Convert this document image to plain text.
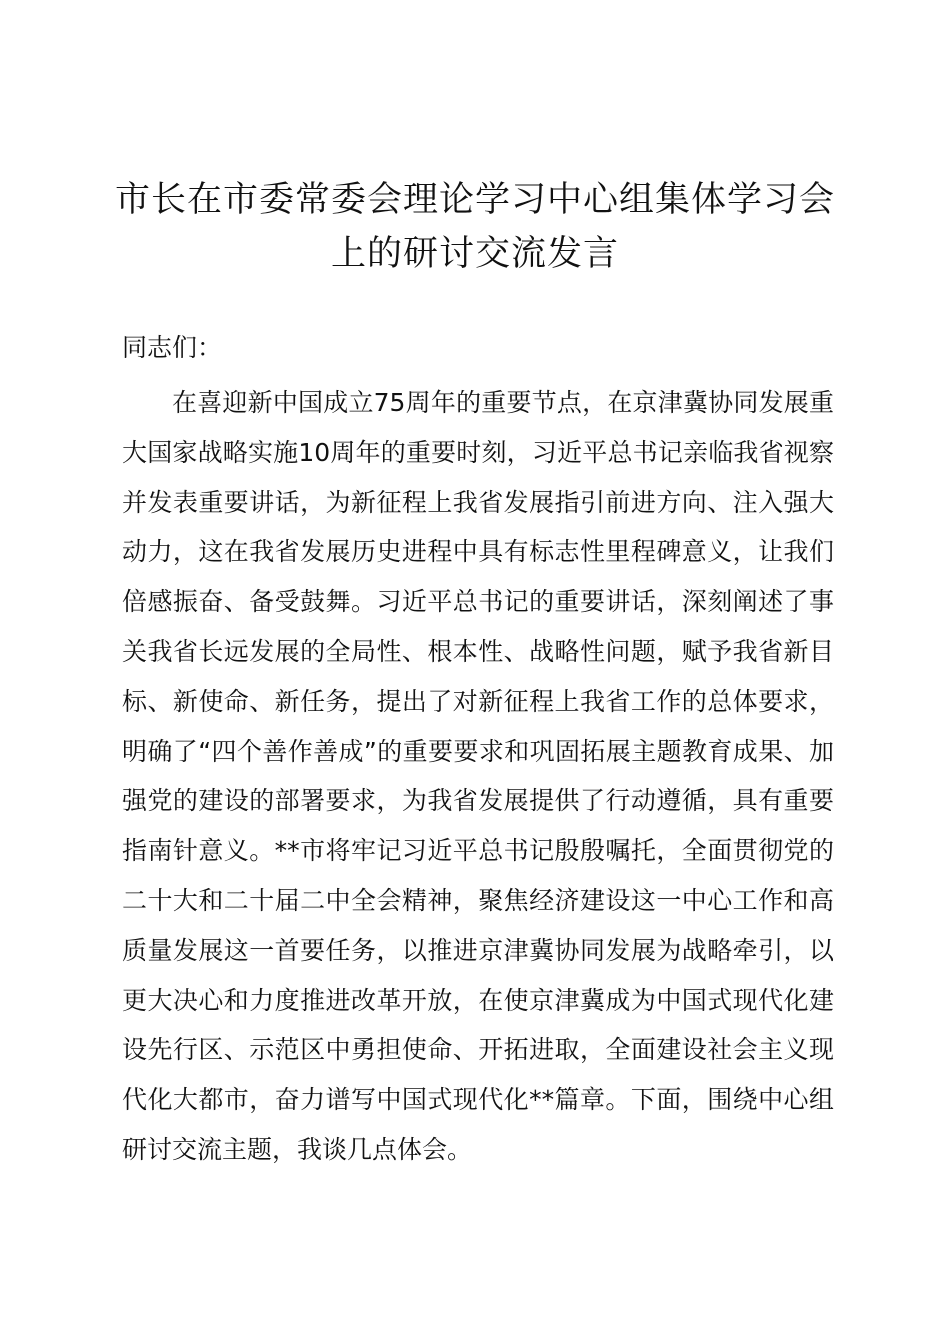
市长在市委常委会理论学习中心组集体学习会上的研讨交流发言

同志们：

在喜迎新中国成立75周年的重要节点，在京津冀协同发展重大国家战略实施10周年的重要时刻，习近平总书记亲临我省视察并发表重要讲话，为新征程上我省发展指引前进方向、注入强大动力，这在我省发展历史进程中具有标志性里程碑意义，让我们倍感振奋、备受鼓舞。习近平总书记的重要讲话，深刻阐述了事关我省长远发展的全局性、根本性、战略性问题，赋予我省新目标、新使命、新任务，提出了对新征程上我省工作的总体要求，明确了“四个善作善成”的重要要求和巩固拓展主题教育成果、加强党的建设的部署要求，为我省发展提供了行动遵循，具有重要指南针意义。**市将牢记习近平总书记殷殷嘱托，全面贯彻党的二十大和二十届二中全会精神，聚焦经济建设这一中心工作和高质量发展这一首要任务，以推进京津冀协同发展为战略牵引，以更大决心和力度推进改革开放，在使京津冀成为中国式现代化建设先行区、示范区中勇担使命、开拓进取，全面建设社会主义现代化大都市，奋力谱写中国式现代化**篇章。下面，围绕中心组研讨交流主题，我谈几点体会。
